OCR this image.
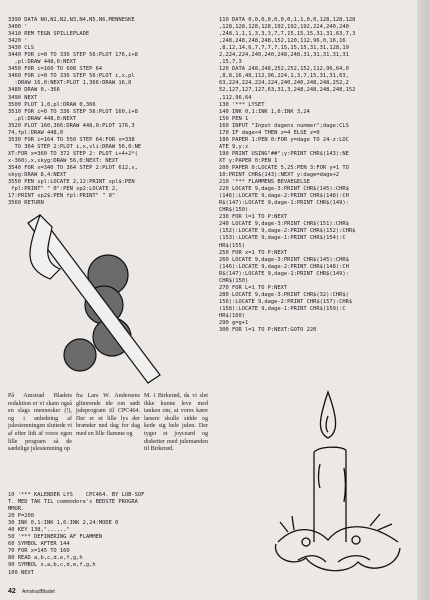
3390 DATA NO,N1,N2,N3,N4,N5,N6,MENNESKE
3400 '
3410 REM TEGN SPILLEPLADE
3420 '
3430 CLS
3440 FOR i=0 TO 336 STEP 56:PLOT 176,i+8
,pl:DRAW 448,0:NEXT
3450 FOR i=160 TO 608 STEP 64
3460 FOR i=0 TO 336 STEP 56:PLOT i,x,pl
:DRAW 16,0:NEXT:PLOT 1,366:DRAW 16,0
3480 DRAW 0,-366
3490 NEXT
3500 PLOT 1,0,pl:DRAW 0,366
3510 FOR i=0 TO 336 STEP 56:PLOT 160,i+8
,pl:DRAW 448,0:NEXT
3520 PLOT 160,366:DRAW 448,0:PLOT 176,3
74,fpl:DRAW 448,0
3530 FOR i=164 TO 550 STEP 64:FOR x=338
TO 364 STEP 2:PLOT i,x,vli:DRAW 56,0:NE
XT:FOR x=360 TO 372 STEP 2: PLOT i+4+2*(
x-360),x,skyg:DRAW 56,0:NEXT: NEXT
3540 FOR x=340 TO 364 STEP 2:PLOT 612,x,
skyg:DRAW 8,4:NEXT
3550 PEN spl:LOCATE 2,12:PRINT spl$:PEN
fpl:PRINT" " 0":PEN sp2:LOCATE 2,
17:PRINT sp2$:PEN fpl:PRINT" " 0"
3560 RETURN
110 DATA 0,0,0,0,0,0,0,1,1,0,0,128,128,128
,128,128,128,128,192,192,192,224,240,240
,248,1,1,1,3,3,3,7,7,15,15,15,31,31,63,7,3
,248,248,248,248,152,120,112,96,0,16,16
,8,12,14,6,7,7,7,7,15,15,15,31,31,128,19
2,224,224,240,240,248,248,31,31,31,31,31
,15,7,3
120 DATA 248,248,252,252,152,112,96,64,0
,8,8,16,48,112,96,224,1,3,7,15,31,31,63,
63,224,224,224,224,240,240,248,248,252,2
52,127,127,127,63,31,3,248,248,248,248,152
,112,96,64
130 '*** LYSET
140 INK 0,1:INK 1,6:INK 3,24
150 PEN 1
160 INPUT "Input dagens nummer";dage:CLS
170 IF dage<4 THEN z=4 ELSE z=0
180 PAPER 1:PEN 0:FOR y=dage TO 24-z:LOC
ATE 9,y:z
190 PRINT USING"##";y:PRINT CHR$(143):NE
XT y:PAPER 0:PEN 1
200 PAPER 0:LOCATE 5,25:PEN 3:FOR y=1 TO
10:PRINT CHR$(143):NEXT y:dage=dage+2
210 '*** FLAMMENS BEVAEGELSE
220 LOCATE 9,dage-3:PRINT CHR$(145):CHR$
(146):LOCATE 9,dage-2:PRINT CHR$(148):CH
R$(147):LOCATE 9,dage-1:PRINT CHR$(149):
CHR$(150)
230 FOR l=1 TO P:NEXT
240 LOCATE 9,dage-3:PRINT CHR$(151):CHR$
(152):LOCATE 9,dage-2:PRINT CHR$(152):CHR$
(153):LOCATE 9,dage-1:PRINT CHR$(154):C
HR$(155)
250 FOR x=1 TO P:NEXT
260 LOCATE 9,dage-3:PRINT CHR$(145):CHR$
(146):LOCATE 9,dage-2:PRINT CHR$(148):CH
R$(147):LOCATE 9,dage-1:PRINT CHR$(149):
CHR$(150)
270 FOR L=1 TO P:NEXT
280 LOCATE 9,dage-3:PRINT CHR$(32):CHR$(
156):LOCATE 9,dage-2:PRINT CHR$(157):CHR$
(158):LOCATE 9,dage-1:PRINT CHR$(159):C
HR$(160)
290 g=g+1
300 FOR l=1 TO P:NEXT:GOTO 220
På Amstrad Bladets redaktion er vi skam også en slags mennesker (!), og i anledning af julestemningen sluttede vi af efter lidt af vores egen lille program så de sædelige julestemning op
fra Lars W. Andersens glimrende ide om sødt juleprogram til CPC464. Der er et lille lys der brænder ned dag for dag med en lille flamme og
M. i Birkerød, da vi slet ikke kunne leve med tanken om, at vores kære læsere skulle sidde og kede sig hele julen. Der tyger et joyceard og disketter med julemanden til Birkerød.
10 '*** KALENDER LYS    CPC464. BY LOB-SOF
T. MED TAK TIL commodore's BEDSTE PROGRA
MMOR.
20 P=200
30 INK 0,1:INK 1,6:INK 2,24:MODE 0
40 KEY 138,"......"
50 '*** DEFINERING AF FLAMMEN
60 SYMBOL AFTER 144
70 FOR x=145 TO 160
80 READ a,b,c,d,e,f,g,h
90 SYMBOL x,a,b,c,d,e,f,g,h
100 NEXT
42 AmstradBladet
